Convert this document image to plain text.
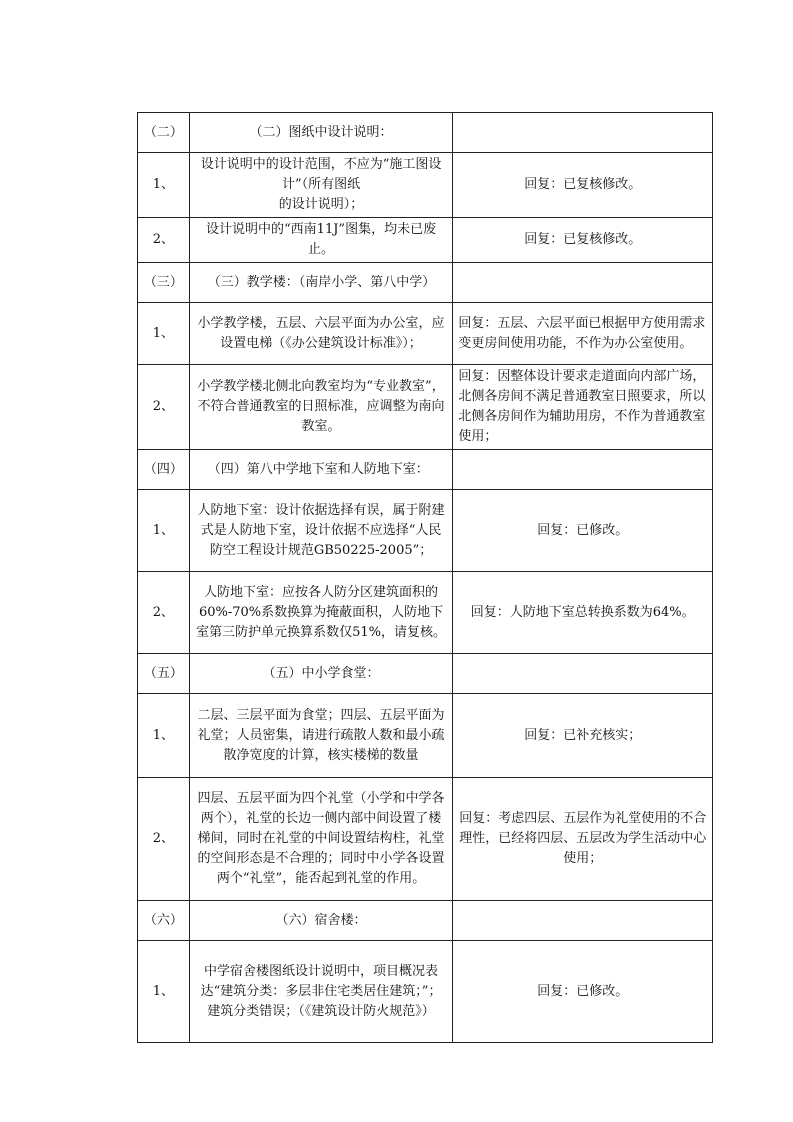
（二）	（二）图纸中设计说明：	
1、	设计说明中的设计范围，不应为“施工图设计”（所有图纸
的设计说明）；	回复：已复核修改。
2、	设计说明中的“西南11J”图集，均未已废止。	回复：已复核修改。
（三）	（三）教学楼：（南岸小学、第八中学）	
1、	小学教学楼，五层、六层平面为办公室，应设置电梯（《办公建筑设计标准》）；	回复：五层、六层平面已根据甲方使用需求变更房间使用功能，不作为办公室使用。
2、	小学教学楼北侧北向教室均为“专业教室”，不符合普通教室的日照标准，应调整为南向教室。	回复：因整体设计要求走道面向内部广场，北侧各房间不满足普通教室日照要求，所以北侧各房间作为辅助用房，不作为普通教室使用；
（四）	（四）第八中学地下室和人防地下室：	
1、	人防地下室：设计依据选择有误，属于附建式是人防地下室，设计依据不应选择“人民防空工程设计规范GB50225-2005”；	回复：已修改。
2、	人防地下室：应按各人防分区建筑面积的60%-70%系数换算为掩蔽面积，人防地下室第三防护单元换算系数仅51%，请复核。	回复：人防地下室总转换系数为64%。
（五）	（五）中小学食堂：	
1、	二层、三层平面为食堂；四层、五层平面为礼堂；人员密集，请进行疏散人数和最小疏散净宽度的计算，核实楼梯的数量	回复：已补充核实；
2、	四层、五层平面为四个礼堂（小学和中学各两个），礼堂的长边一侧内部中间设置了楼梯间，同时在礼堂的中间设置结构柱，礼堂的空间形态是不合理的；同时中小学各设置两个“礼堂”，能否起到礼堂的作用。	回复：考虑四层、五层作为礼堂使用的不合理性，已经将四层、五层改为学生活动中心使用；
（六）	（六）宿舍楼：	
1、	中学宿舍楼图纸设计说明中，项目概况表达“建筑分类：多层非住宅类居住建筑；”；建筑分类错误；（《建筑设计防火规范》）	回复：已修改。
